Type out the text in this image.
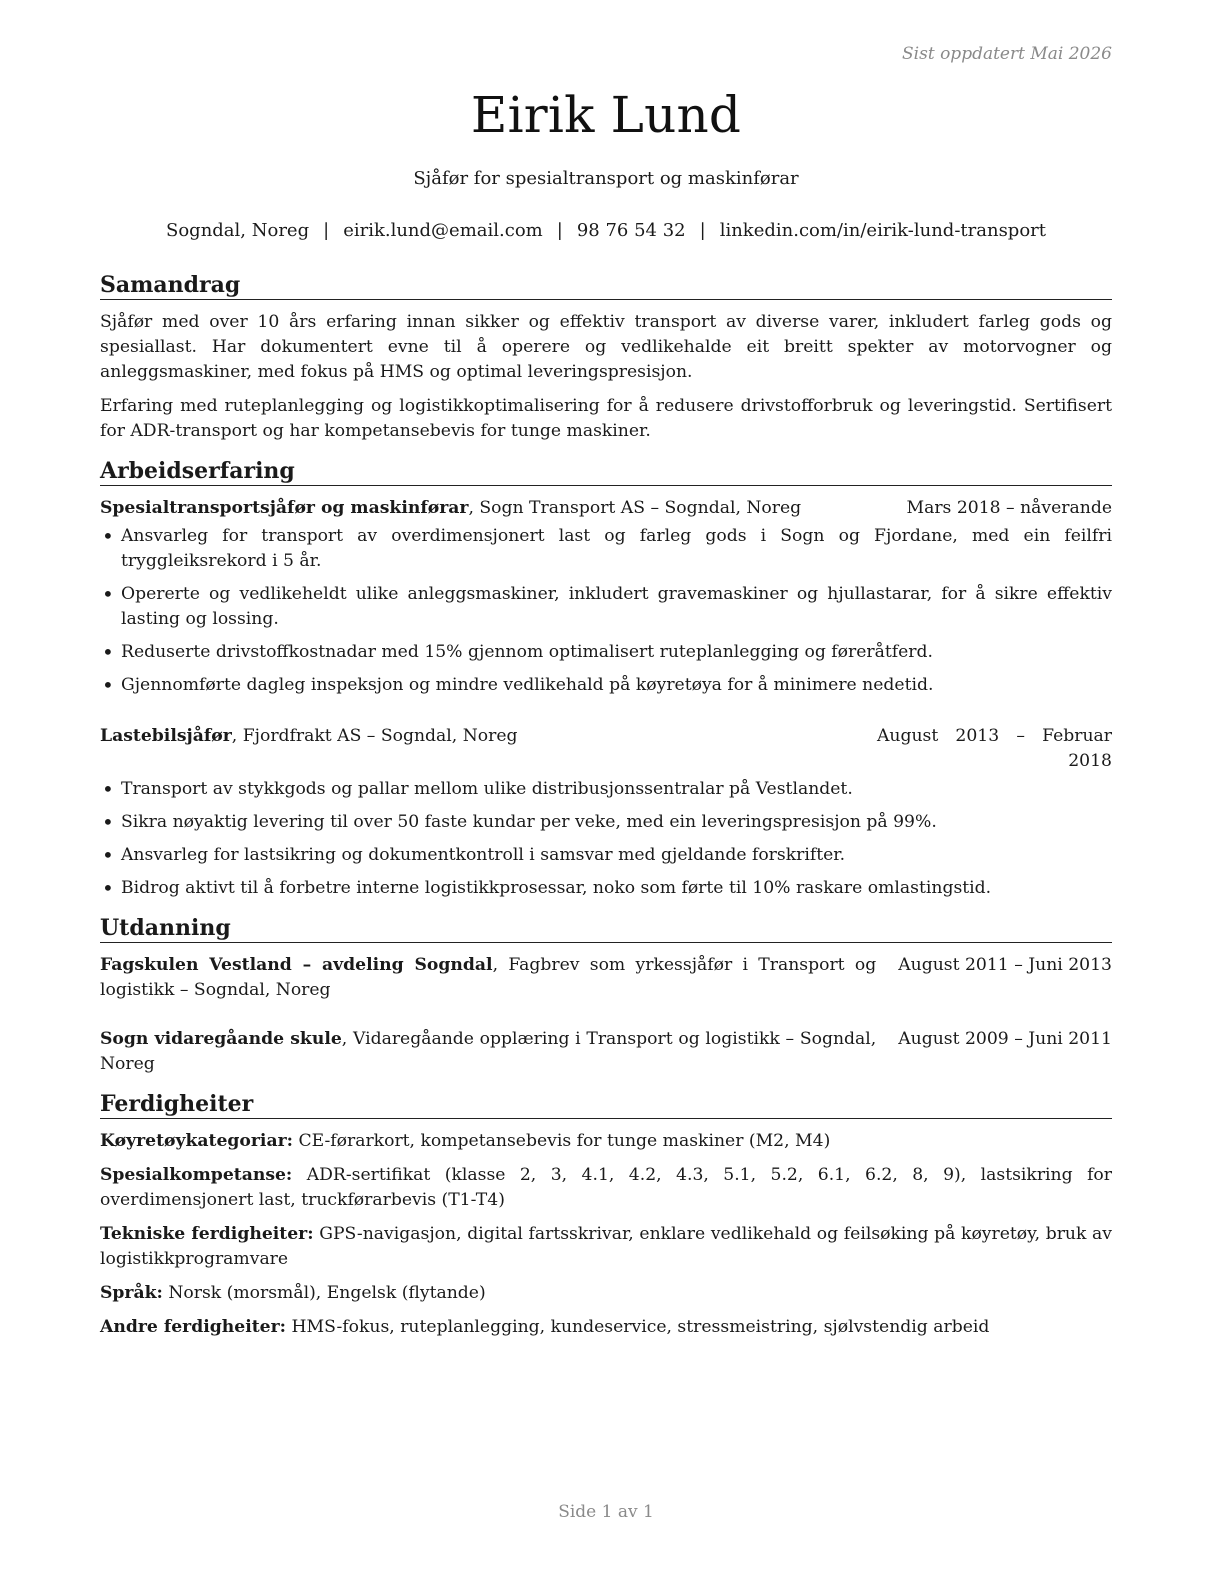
Sist oppdatert Mai 2026
Eirik Lund
Sjåfør for spesialtransport og maskinførar
Sogndal, Noreg | eirik.lund@email.com | 98 76 54 32 | linkedin.com/in/eirik-lund-transport
Samandrag

Sjåfør med over 10 års erfaring innan sikker og effektiv transport av diverse varer, inkludert farleg gods og spesiallast. Har dokumentert evne til å operere og vedlikehalde eit breitt spekter av motorvogner og anleggsmaskiner, med fokus på HMS og optimal leveringspresisjon.

Erfaring med ruteplanlegging og logistikkoptimalisering for å redusere drivstofforbruk og leveringstid. Sertifisert for ADR-transport og har kompetansebevis for tunge maskiner.

Arbeidserfaring
Spesialtransportsjåfør og maskinførar, Sogn Transport AS – Sogndal, Noreg	Mars 2018 – nåverande
• Ansvarleg for transport av overdimensjonert last og farleg gods i Sogn og Fjordane, med ein feilfri tryggleiksrekord i 5 år.
• Opererte og vedlikeheldt ulike anleggsmaskiner, inkludert gravemaskiner og hjullastarar, for å sikre effektiv lasting og lossing.
• Reduserte drivstoffkostnadar med 15% gjennom optimalisert ruteplanlegging og føreråtferd.
• Gjennomførte dagleg inspeksjon og mindre vedlikehald på køyretøya for å minimere nedetid.
Lastebilsjåfør, Fjordfrakt AS – Sogndal, Noreg	August 2013 – Februar 2018
• Transport av stykkgods og pallar mellom ulike distribusjonssentralar på Vestlandet.
• Sikra nøyaktig levering til over 50 faste kundar per veke, med ein leveringspresisjon på 99%.
• Ansvarleg for lastsikring og dokumentkontroll i samsvar med gjeldande forskrifter.
• Bidrog aktivt til å forbetre interne logistikkprosessar, noko som førte til 10% raskare omlastingstid.
Utdanning
Fagskulen Vestland – avdeling Sogndal, Fagbrev som yrkessjåfør i Transport og logistikk – Sogndal, Noreg
August 2011 – Juni 2013
Sogn vidaregåande skule, Vidaregåande opplæring i Transport og logistikk – Sogndal, Noreg
August 2009 – Juni 2011
Ferdigheiter
Køyretøykategoriar: CE-førarkort, kompetansebevis for tunge maskiner (M2, M4)
Spesialkompetanse: ADR-sertifikat (klasse 2, 3, 4.1, 4.2, 4.3, 5.1, 5.2, 6.1, 6.2, 8, 9), lastsikring for overdimensjonert last, truckførarbevis (T1-T4)
Tekniske ferdigheiter: GPS-navigasjon, digital fartsskrivar, enklare vedlikehald og feilsøking på køyretøy, bruk av logistikkprogramvare
Språk: Norsk (morsmål), Engelsk (flytande)
Andre ferdigheiter: HMS-fokus, ruteplanlegging, kundeservice, stressmeistring, sjølvstendig arbeid
Side 1 av 1
